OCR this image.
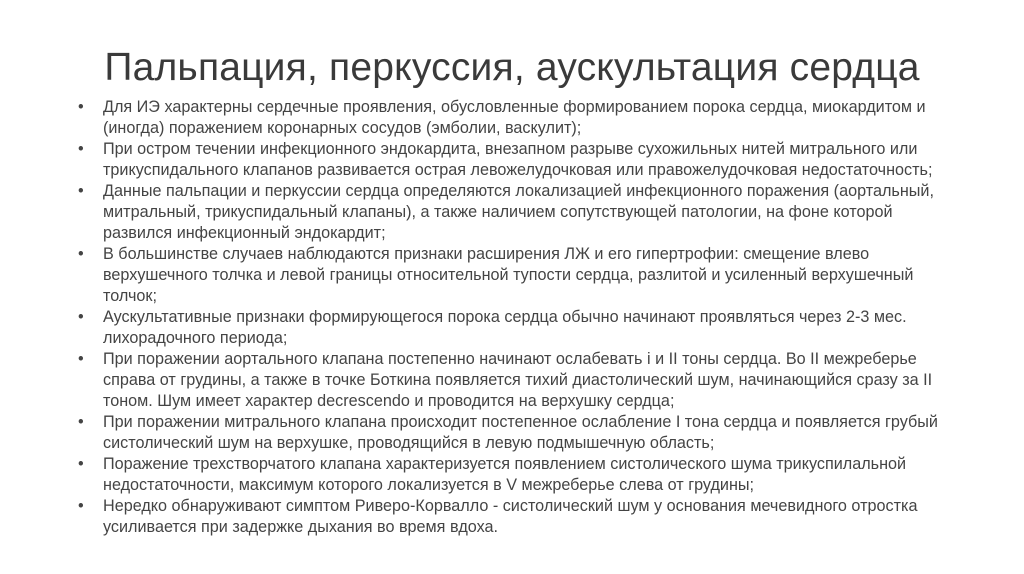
Пальпация, перкуссия, аускультация сердца
• Для ИЭ характерны сердечные проявления, обусловленные формированием порока сердца, миокардитом и (иногда) поражением коронарных сосудов (эмболии, васкулит);
• При остром течении инфекционного эндокардита, внезапном разрыве сухожильных нитей митрального или трикуспидального клапанов развивается острая левожелудочковая или правожелудочковая недостаточность;
• Данные пальпации и перкуссии сердца определяются локализацией инфекционного поражения (аортальный, митральный, трикуспидальный клапаны), а также наличием сопутствующей патологии, на фоне которой развился инфекционный эндокардит;
• В большинстве случаев наблюдаются признаки расширения ЛЖ и его гипертрофии: смещение влево верхушечного толчка и левой границы относительной тупости сердца, разлитой и усиленный верхушечный толчок;
• Аускультативные признаки формирующегося порока сердца обычно начинают проявляться через 2-3 мес. лихорадочного периода;
• При поражении аортального клапана постепенно начинают ослабевать і и II тоны сердца. Во II межреберье справа от грудины, а также в точке Боткина появляется тихий диастолический шум, начинающийся сразу за II тоном. Шум имеет характер decrescendo и проводится на верхушку сердца;
• При поражении митрального клапана происходит постепенное ослабление I тона сердца и появляется грубый систолический шум на верхушке, проводящийся в левую подмышечную область;
• Поражение трехстворчатого клапана характеризуется появлением систолического шума трикуспилальной недостаточности, максимум которого локализуется в V межреберье слева от грудины;
• Нередко обнаруживают симптом Риверо-Корвалло - систолический шум у основания мечевидного отростка усиливается при задержке дыхания во время вдоха.
